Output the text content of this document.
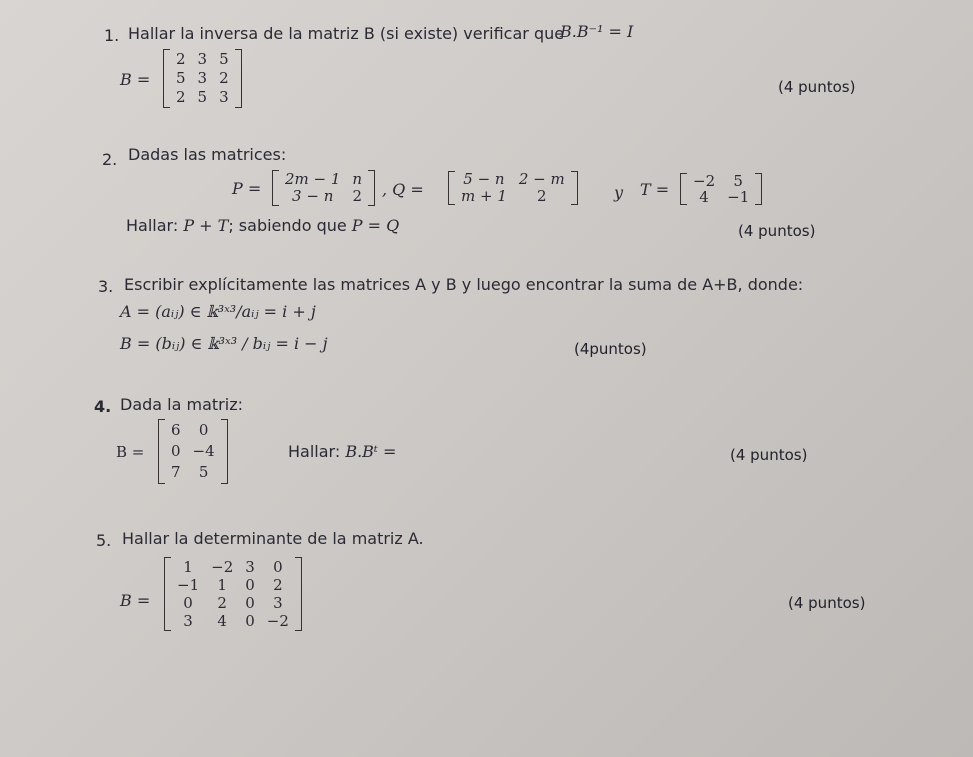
1. Hallar la inversa de la matriz B (si existe) verificar que
B.B⁻¹ = I
B =
2	3	5
5	3	2
2	5	3
(4 puntos)
2. Dadas las matrices:
P = 2m − 1	n
3 − n	2 , Q =
5 − n	2 − m
m + 1	2	y T = −2	5
4	−1
Hallar: P + T; sabiendo que P = Q	(4 puntos)
3. Escribir explícitamente las matrices A y B y luego encontrar la suma de A+B, donde:
A = (aᵢⱼ) ∈ 𝕜³ˣ³/aᵢⱼ = i + j
B = (bᵢⱼ) ∈ 𝕜³ˣ³ / bᵢⱼ = i − j	(4puntos)
4. Dada la matriz:
B =
6	0
0	−4
7	5
Hallar: B.Bᵗ =	(4 puntos)
5. Hallar la determinante de la matriz A.
B =
1	−2	3	0
−1	1	0	2
0	2	0	3
3	4	0	−2
(4 puntos)
